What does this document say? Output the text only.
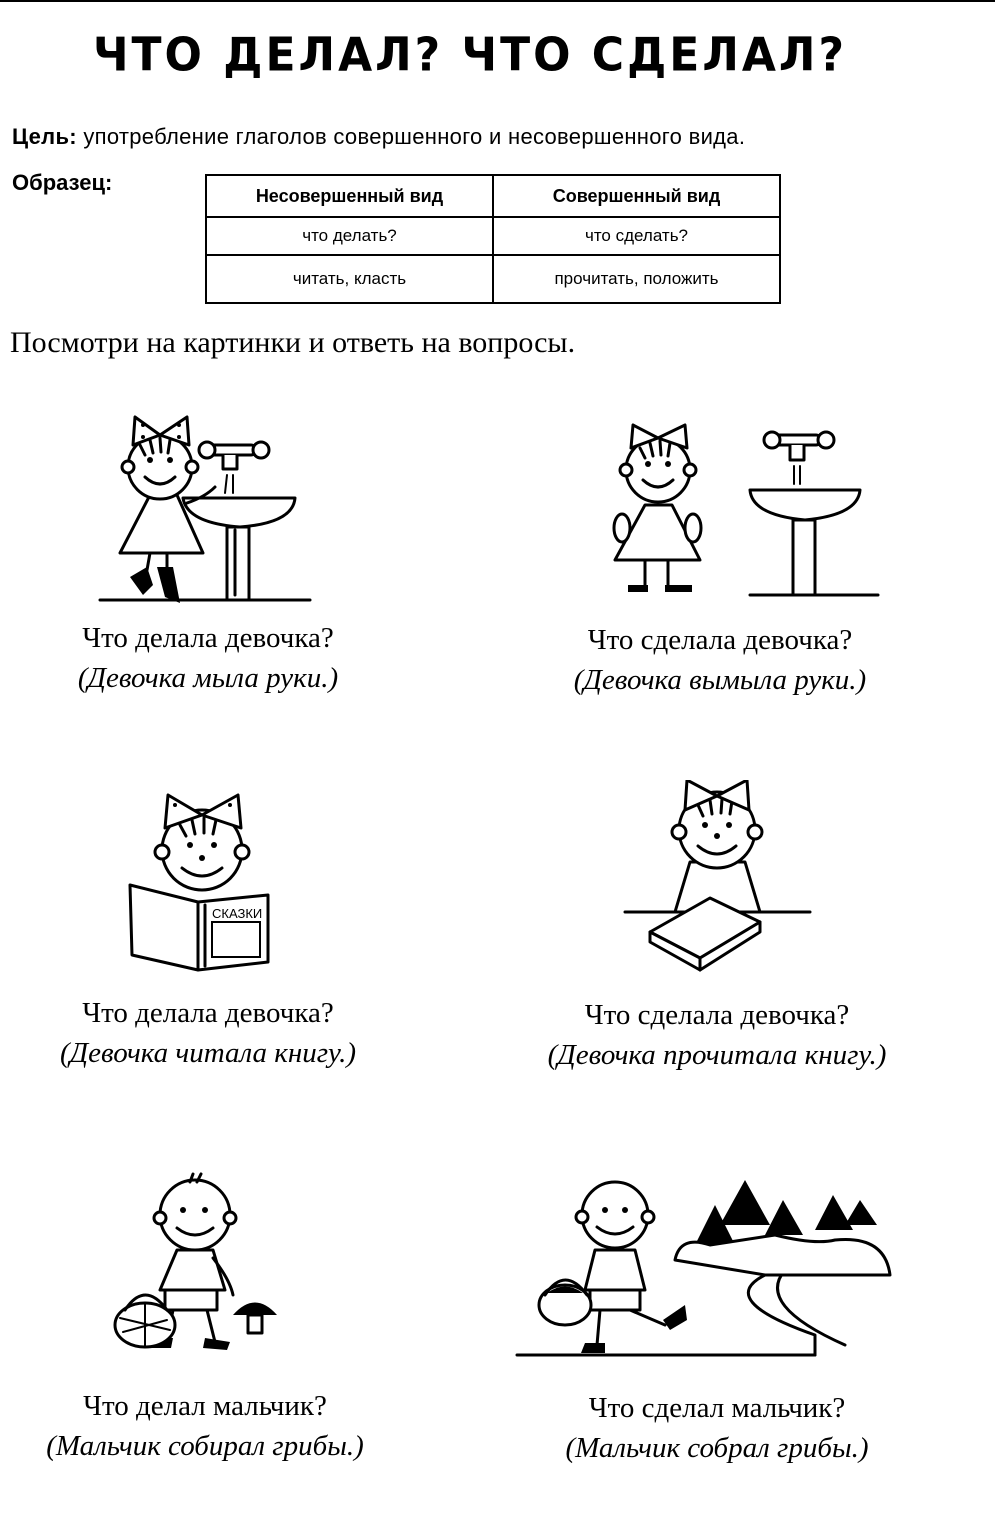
ЧТО ДЕЛАЛ? ЧТО СДЕЛАЛ?
Цель: употребление глаголов совершенного и несовершенного вида.
Образец:
Несовершенный вид	Совершенный вид
что делать?	что сделать?
читать, класть	прочитать, положить
Посмотри на картинки и ответь на вопросы.
СКАЗКИ
Что делала девочка?
(Девочка мыла руки.)
Что сделала девочка?
(Девочка вымыла руки.)
Что делала девочка?
(Девочка читала книгу.)
Что сделала девочка?
(Девочка прочитала книгу.)
Что делал мальчик?
(Мальчик собирал грибы.)
Что сделал мальчик?
(Мальчик собрал грибы.)
